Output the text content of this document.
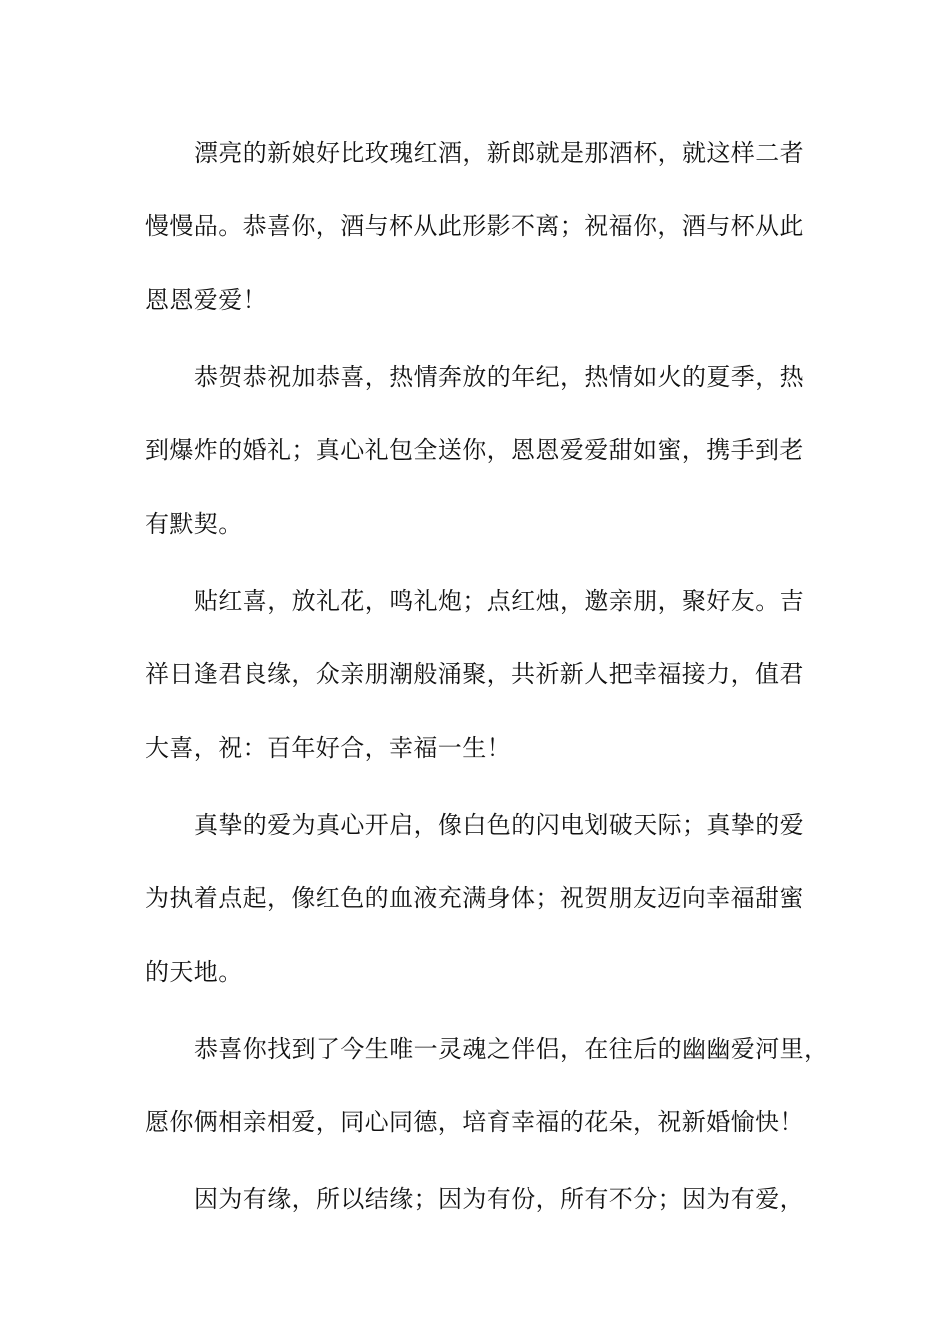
漂亮的新娘好比玫瑰红酒，新郎就是那酒杯，就这样二者
慢慢品。恭喜你，酒与杯从此形影不离；祝福你，酒与杯从此
恩恩爱爱！
恭贺恭祝加恭喜，热情奔放的年纪，热情如火的夏季，热
到爆炸的婚礼；真心礼包全送你，恩恩爱爱甜如蜜，携手到老
有默契。
贴红喜，放礼花，鸣礼炮；点红烛，邀亲朋，聚好友。吉
祥日逢君良缘，众亲朋潮般涌聚，共祈新人把幸福接力，值君
大喜，祝：百年好合，幸福一生！
真挚的爱为真心开启，像白色的闪电划破天际；真挚的爱
为执着点起，像红色的血液充满身体；祝贺朋友迈向幸福甜蜜
的天地。
恭喜你找到了今生唯一灵魂之伴侣，在往后的幽幽爱河里，
愿你俩相亲相爱，同心同德，培育幸福的花朵，祝新婚愉快！
因为有缘，所以结缘；因为有份，所有不分；因为有爱，
